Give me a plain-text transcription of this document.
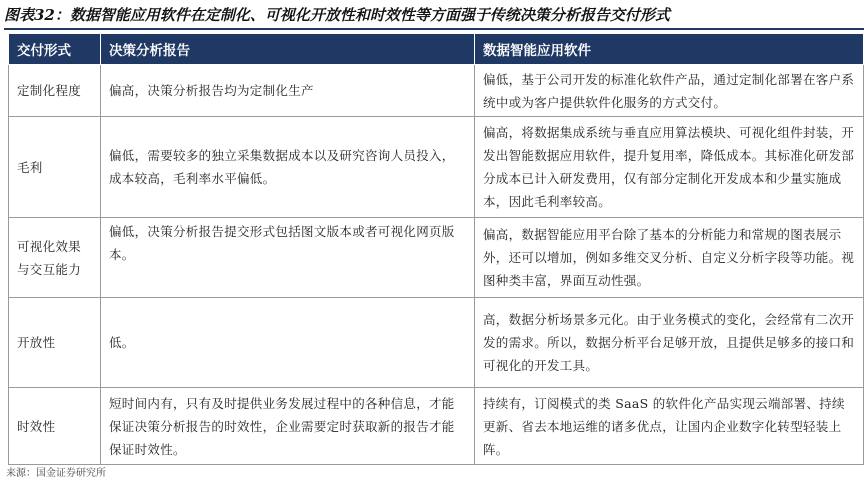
图表32：数据智能应用软件在定制化、可视化开放性和时效性等方面强于传统决策分析报告交付形式
交付形式	决策分析报告	数据智能应用软件
定制化程度	偏高，决策分析报告均为定制化生产	偏低，基于公司开发的标准化软件产品，通过定制化部署在客户系统中或为客户提供软件化服务的方式交付。
毛利	偏低，需要较多的独立采集数据成本以及研究咨询人员投入，成本较高，毛利率水平偏低。	偏高，将数据集成系统与垂直应用算法模块、可视化组件封装，开发出智能数据应用软件，提升复用率，降低成本。其标准化研发部分成本已计入研发费用，仅有部分定制化开发成本和少量实施成本，因此毛利率较高。
可视化效果与交互能力	偏低，决策分析报告提交形式包括图文版本或者可视化网页版本。	偏高，数据智能应用平台除了基本的分析能力和常规的图表展示外，还可以增加，例如多维交叉分析、自定义分析字段等功能。视图种类丰富，界面互动性强。
开放性	低。	高，数据分析场景多元化。由于业务模式的变化，会经常有二次开发的需求。所以，数据分析平台足够开放，且提供足够多的接口和可视化的开发工具。
时效性	短时间内有，只有及时提供业务发展过程中的各种信息，才能保证决策分析报告的时效性，企业需要定时获取新的报告才能保证时效性。	持续有，订阅模式的类 SaaS 的软件化产品实现云端部署、持续更新、省去本地运维的诸多优点，让国内企业数字化转型轻装上阵。
来源：国金证券研究所
